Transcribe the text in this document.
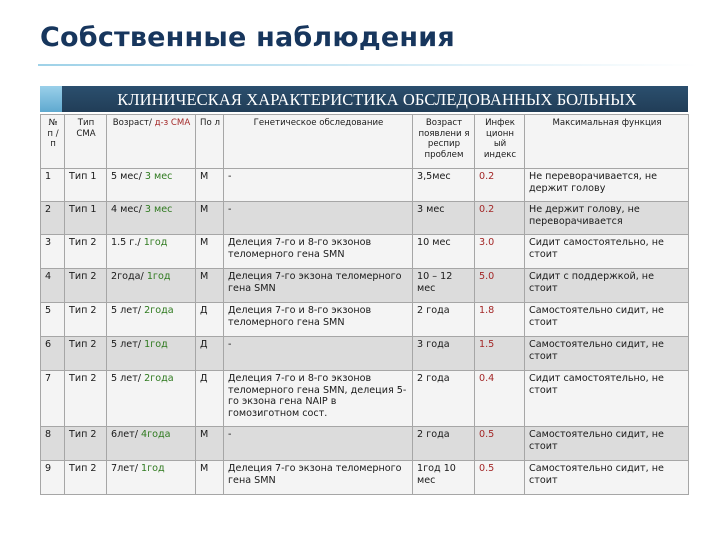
Собственные наблюдения
КЛИНИЧЕСКАЯ ХАРАКТЕРИСТИКА ОБСЛЕДОВАННЫХ БОЛЬНЫХ
№ п /п	Тип СМА	Возраст/ д-з СМА	По л	Генетическое обследование	Возраст появлени я респир проблем	Инфек ционн ый индекс	Максимальная функция
1	Тип 1	5 мес/ 3 мес	М	-	3,5мес	0.2	Не переворачивается, не держит голову
2	Тип 1	4 мес/ 3 мес	М	-	3 мес	0.2	Не держит голову, не переворачивается
3	Тип 2	1.5 г./ 1год	М	Делеция 7-го и 8-го экзонов теломерного гена SMN	10 мес	3.0	Сидит самостоятельно, не стоит
4	Тип 2	2года/ 1год	М	Делеция 7-го экзона теломерного гена SMN	10 – 12 мес	5.0	Сидит с поддержкой, не стоит
5	Тип 2	5 лет/ 2года	Д	Делеция 7-го и 8-го экзонов теломерного гена SMN	2 года	1.8	Самостоятельно сидит, не стоит
6	Тип 2	5 лет/ 1год	Д	-	3 года	1.5	Самостоятельно сидит, не стоит
7	Тип 2	5 лет/ 2года	Д	Делеция 7-го и 8-го экзонов теломерного гена SMN, делеция 5-го экзона гена NAIP в гомозиготном сост.	2 года	0.4	Сидит самостоятельно, не стоит
8	Тип 2	6лет/ 4года	М	-	2 года	0.5	Самостоятельно сидит, не стоит
9	Тип 2	7лет/ 1год	М	Делеция 7-го экзона теломерного гена SMN	1год 10 мес	0.5	Самостоятельно сидит, не стоит
